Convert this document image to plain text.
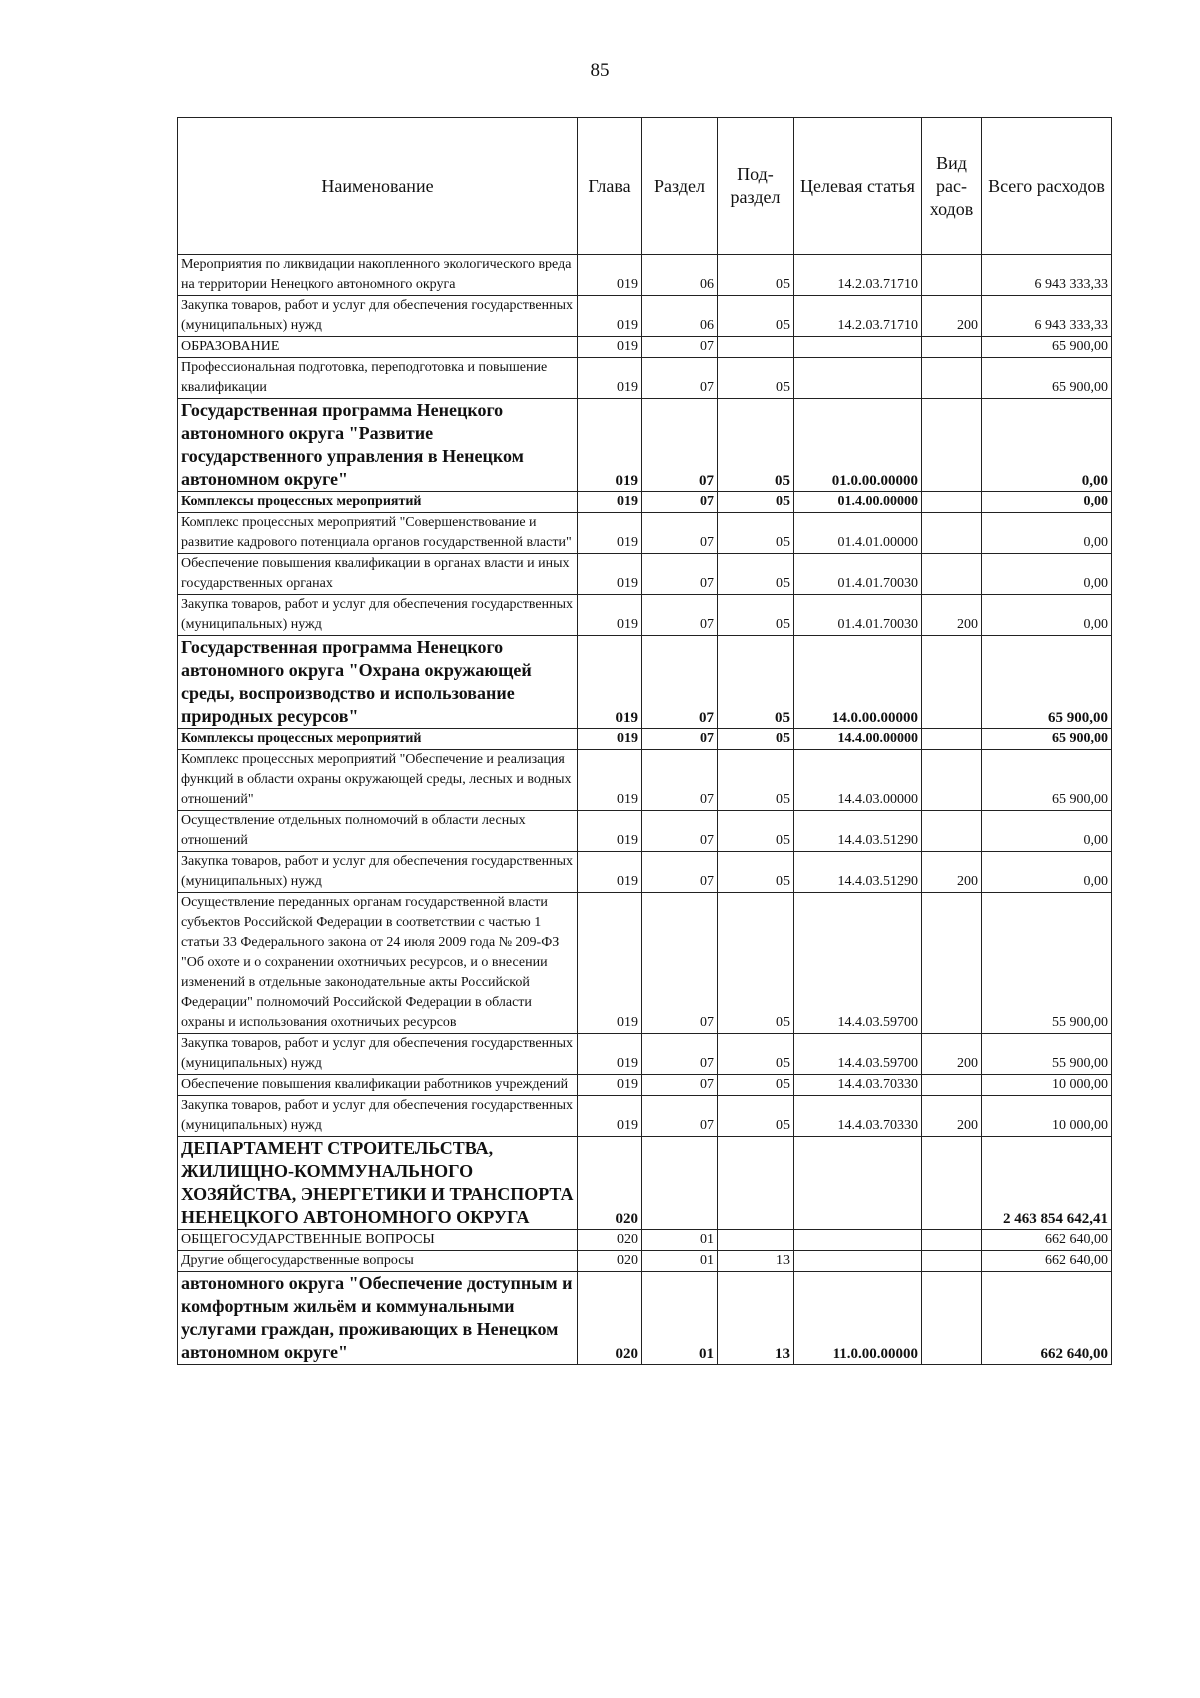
85
Наименование	Глава	Раздел	Под-раздел	Целевая статья	Вид рас-ходов	Всего расходов
Мероприятия по ликвидации накопленного экологического вреда на территории Ненецкого автономного округа	019	06	05	14.2.03.71710		6 943 333,33
Закупка товаров, работ и услуг для обеспечения государственных (муниципальных) нужд	019	06	05	14.2.03.71710	200	6 943 333,33
ОБРАЗОВАНИЕ	019	07				65 900,00
Профессиональная подготовка, переподготовка и повышение квалификации	019	07	05			65 900,00
Государственная программа Ненецкого автономного округа "Развитие государственного управления в Ненецком автономном округе"	019	07	05	01.0.00.00000		0,00
Комплексы процессных мероприятий	019	07	05	01.4.00.00000		0,00
Комплекс процессных мероприятий "Совершенствование и развитие кадрового потенциала органов государственной власти"	019	07	05	01.4.01.00000		0,00
Обеспечение повышения квалификации в органах власти и иных государственных органах	019	07	05	01.4.01.70030		0,00
Закупка товаров, работ и услуг для обеспечения государственных (муниципальных) нужд	019	07	05	01.4.01.70030	200	0,00
Государственная программа Ненецкого автономного округа "Охрана окружающей среды, воспроизводство и использование природных ресурсов"	019	07	05	14.0.00.00000		65 900,00
Комплексы процессных мероприятий	019	07	05	14.4.00.00000		65 900,00
Комплекс процессных мероприятий "Обеспечение и реализация функций в области охраны окружающей среды, лесных и водных отношений"	019	07	05	14.4.03.00000		65 900,00
Осуществление отдельных полномочий в области лесных отношений	019	07	05	14.4.03.51290		0,00
Закупка товаров, работ и услуг для обеспечения государственных (муниципальных) нужд	019	07	05	14.4.03.51290	200	0,00
Осуществление переданных органам государственной власти субъектов Российской Федерации в соответствии с частью 1 статьи 33 Федерального закона от 24 июля 2009 года № 209-ФЗ "Об охоте и о сохранении охотничьих ресурсов, и о внесении изменений в отдельные законодательные акты Российской Федерации" полномочий Российской Федерации в области охраны и использования охотничьих ресурсов	019	07	05	14.4.03.59700		55 900,00
Закупка товаров, работ и услуг для обеспечения государственных (муниципальных) нужд	019	07	05	14.4.03.59700	200	55 900,00
Обеспечение повышения квалификации работников учреждений	019	07	05	14.4.03.70330		10 000,00
Закупка товаров, работ и услуг для обеспечения государственных (муниципальных) нужд	019	07	05	14.4.03.70330	200	10 000,00
ДЕПАРТАМЕНТ СТРОИТЕЛЬСТВА, ЖИЛИЩНО-КОММУНАЛЬНОГО ХОЗЯЙСТВА, ЭНЕРГЕТИКИ И ТРАНСПОРТА НЕНЕЦКОГО АВТОНОМНОГО ОКРУГА	020					2 463 854 642,41
ОБЩЕГОСУДАРСТВЕННЫЕ ВОПРОСЫ	020	01				662 640,00
Другие общегосударственные вопросы	020	01	13			662 640,00
автономного округа "Обеспечение доступным и комфортным жильём и коммунальными услугами граждан, проживающих в Ненецком автономном округе"	020	01	13	11.0.00.00000		662 640,00
